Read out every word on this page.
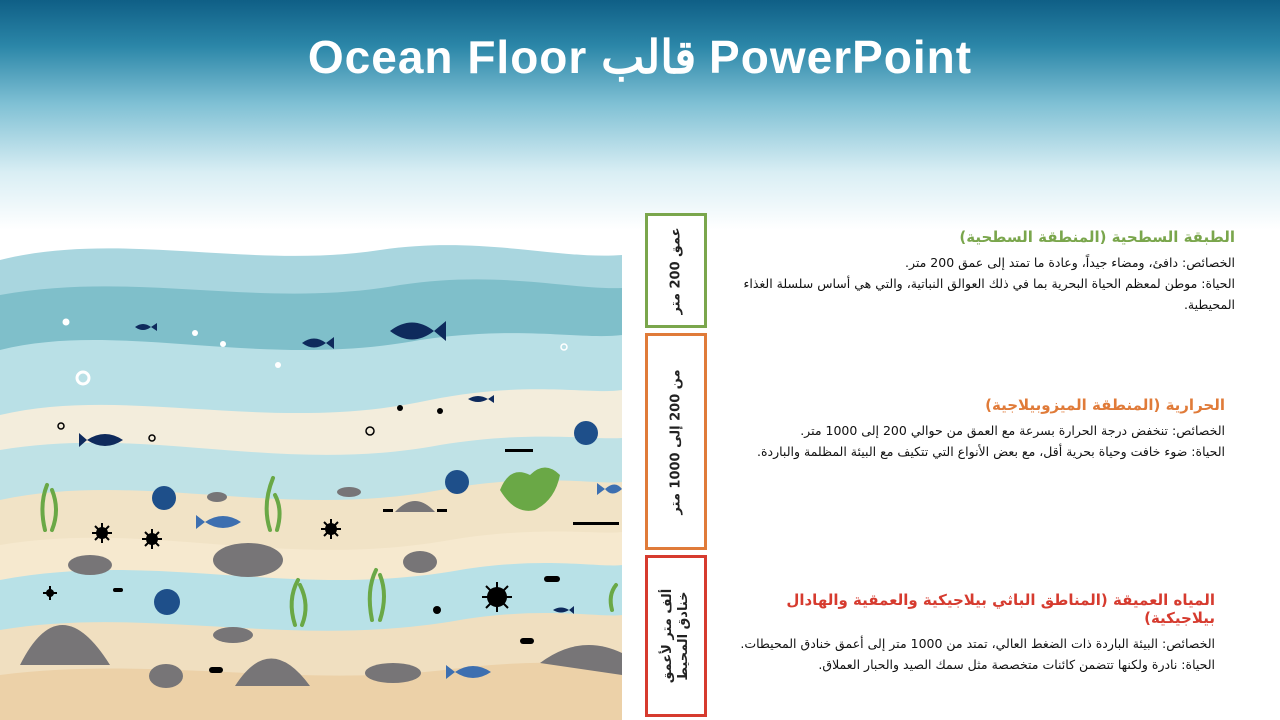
Ocean Floor قالب PowerPoint
عمق 200 متر
من 200 إلى 1000 متر
ألف متر لأعمق خنادق المحيط
الطبقة السطحية (المنطقة السطحية)

الخصائص: دافئ، ومضاء جيداً، وعادة ما تمتد إلى عمق 200 متر.

الحياة: موطن لمعظم الحياة البحرية بما في ذلك العوالق النباتية، والتي هي أساس سلسلة الغذاء المحيطية.

الحرارية (المنطقة الميزوبيلاجية)

الخصائص: تنخفض درجة الحرارة بسرعة مع العمق من حوالي 200 إلى 1000 متر.

الحياة: ضوء خافت وحياة بحرية أقل، مع بعض الأنواع التي تتكيف مع البيئة المظلمة والباردة.

المياه العميقة (المناطق الباثي بيلاجيكية والعمقية والهادال بيلاجيكية)

الخصائص: البيئة الباردة ذات الضغط العالي، تمتد من 1000 متر إلى أعمق خنادق المحيطات.

الحياة: نادرة ولكنها تتضمن كائنات متخصصة مثل سمك الصيد والحبار العملاق.
